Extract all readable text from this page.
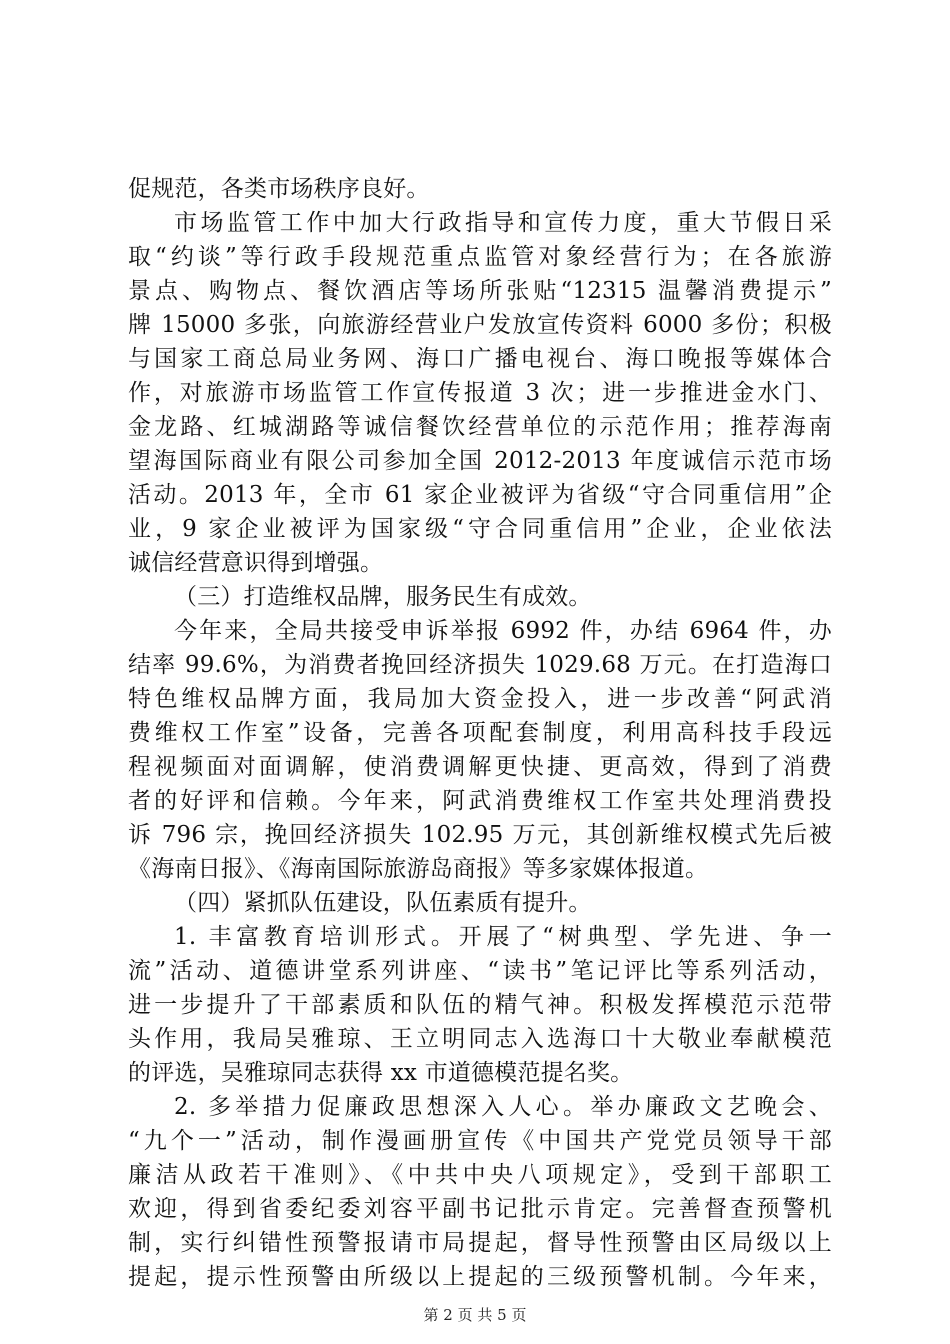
促规范，各类市场秩序良好。
市场监管工作中加大行政指导和宣传力度，重大节假日采
取“约谈”等行政手段规范重点监管对象经营行为；在各旅游
景点、购物点、餐饮酒店等场所张贴“12315 温馨消费提示”
牌 15000 多张，向旅游经营业户发放宣传资料 6000 多份；积极
与国家工商总局业务网、海口广播电视台、海口晚报等媒体合
作，对旅游市场监管工作宣传报道 3 次；进一步推进金水门、
金龙路、红城湖路等诚信餐饮经营单位的示范作用；推荐海南
望海国际商业有限公司参加全国 2012-2013 年度诚信示范市场
活动。2013 年，全市 61 家企业被评为省级“守合同重信用”企
业，9 家企业被评为国家级“守合同重信用”企业，企业依法
诚信经营意识得到增强。
（三）打造维权品牌，服务民生有成效。
今年来，全局共接受申诉举报 6992 件，办结 6964 件，办
结率 99.6%，为消费者挽回经济损失 1029.68 万元。在打造海口
特色维权品牌方面，我局加大资金投入，进一步改善“阿武消
费维权工作室”设备，完善各项配套制度，利用高科技手段远
程视频面对面调解，使消费调解更快捷、更高效，得到了消费
者的好评和信赖。今年来，阿武消费维权工作室共处理消费投
诉 796 宗，挽回经济损失 102.95 万元，其创新维权模式先后被
《海南日报》、《海南国际旅游岛商报》等多家媒体报道。
（四）紧抓队伍建设，队伍素质有提升。
1. 丰富教育培训形式。开展了“树典型、学先进、争一
流”活动、道德讲堂系列讲座、“读书”笔记评比等系列活动，
进一步提升了干部素质和队伍的精气神。积极发挥模范示范带
头作用，我局吴雅琼、王立明同志入选海口十大敬业奉献模范
的评选，吴雅琼同志获得 xx 市道德模范提名奖。
2. 多举措力促廉政思想深入人心。举办廉政文艺晚会、
“九个一”活动，制作漫画册宣传《中国共产党党员领导干部
廉洁从政若干准则》、《中共中央八项规定》，受到干部职工
欢迎，得到省委纪委刘容平副书记批示肯定。完善督查预警机
制，实行纠错性预警报请市局提起，督导性预警由区局级以上
提起，提示性预警由所级以上提起的三级预警机制。今年来，
第 2 页 共 5 页
